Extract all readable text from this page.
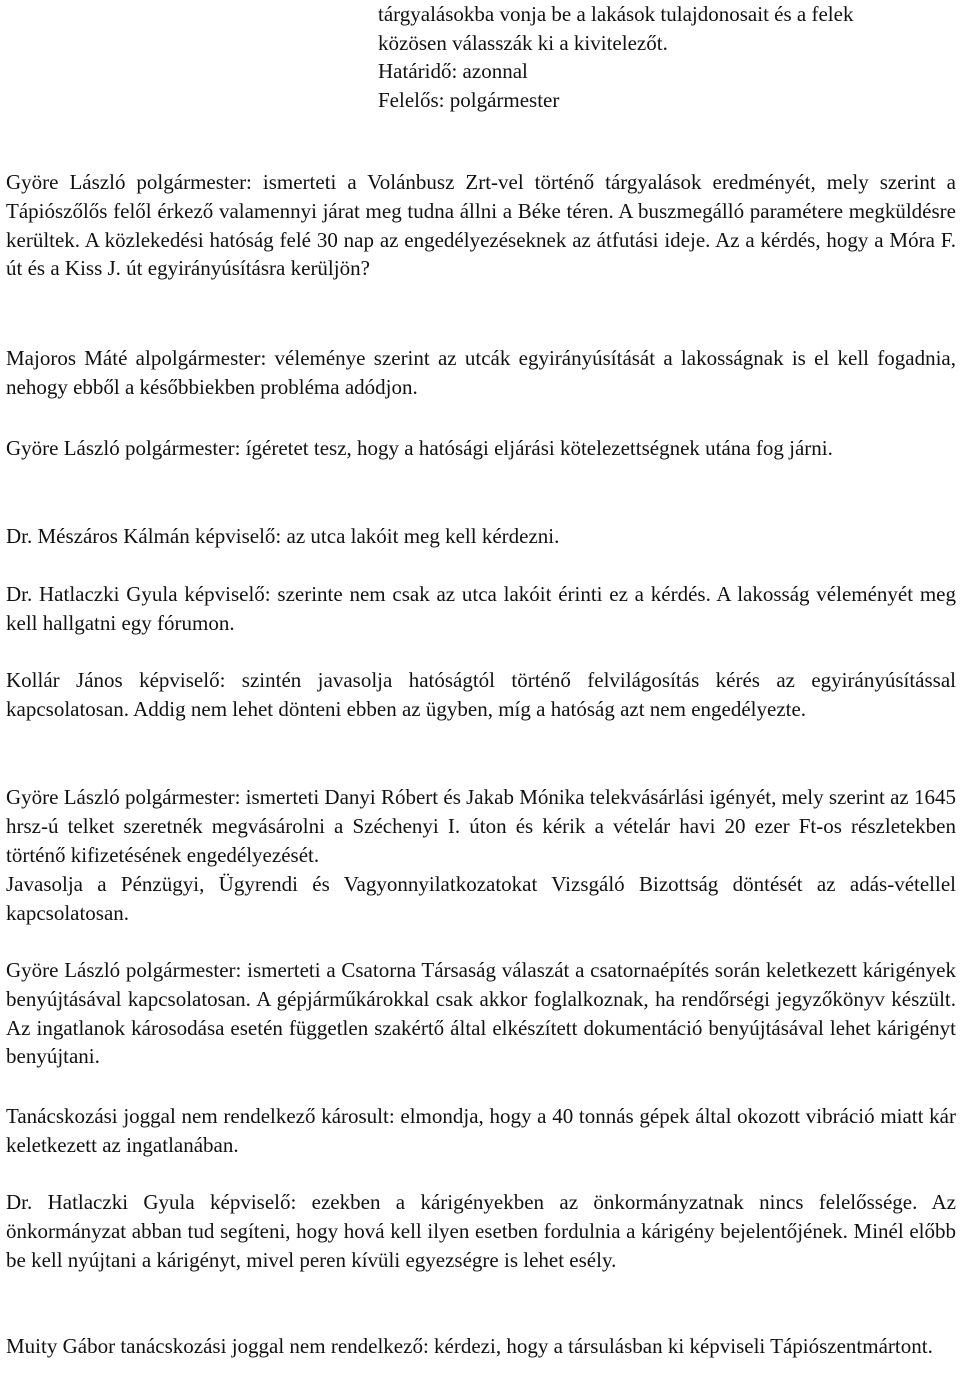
tárgyalásokba vonja be a lakások tulajdonosait és a felek

közösen válasszák ki a kivitelezőt.

Határidő: azonnal

Felelős: polgármester

Györe László polgármester: ismerteti a Volánbusz Zrt-vel történő tárgyalások eredményét, mely szerint a Tápiószőlős felől érkező valamennyi járat meg tudna állni a Béke téren. A buszmegálló paramétere megküldésre kerültek. A közlekedési hatóság felé 30 nap az engedélyezéseknek az átfutási ideje. Az a kérdés, hogy a Móra F. út és a Kiss J. út egyirányúsításra kerüljön?

Majoros Máté alpolgármester: véleménye szerint az utcák egyirányúsítását a lakosságnak is el kell fogadnia, nehogy ebből a későbbiekben probléma adódjon.

Györe László polgármester: ígéretet tesz, hogy a hatósági eljárási kötelezettségnek utána fog járni.

Dr. Mészáros Kálmán képviselő: az utca lakóit meg kell kérdezni.

Dr. Hatlaczki Gyula képviselő: szerinte nem csak az utca lakóit érinti ez a kérdés. A lakosság véleményét meg kell hallgatni egy fórumon.

Kollár János képviselő: szintén javasolja hatóságtól történő felvilágosítás kérés az egyirányúsítással kapcsolatosan. Addig nem lehet dönteni ebben az ügyben, míg a hatóság azt nem engedélyezte.

Györe László polgármester: ismerteti Danyi Róbert és Jakab Mónika telekvásárlási igényét, mely szerint az 1645 hrsz-ú telket szeretnék megvásárolni a Széchenyi I. úton és kérik a vételár havi 20 ezer Ft-os részletekben történő kifizetésének engedélyezését.

Javasolja a Pénzügyi, Ügyrendi és Vagyonnyilatkozatokat Vizsgáló Bizottság döntését az adás-vétellel kapcsolatosan.

Györe László polgármester: ismerteti a Csatorna Társaság válaszát a csatornaépítés során keletkezett kárigények benyújtásával kapcsolatosan. A gépjárműkárokkal csak akkor foglalkoznak, ha rendőrségi jegyzőkönyv készült. Az ingatlanok károsodása esetén független szakértő által elkészített dokumentáció benyújtásával lehet kárigényt benyújtani.

Tanácskozási joggal nem rendelkező károsult: elmondja, hogy a 40 tonnás gépek által okozott vibráció miatt kár keletkezett az ingatlanában.

Dr. Hatlaczki Gyula képviselő: ezekben a kárigényekben az önkormányzatnak nincs felelőssége. Az önkormányzat abban tud segíteni, hogy hová kell ilyen esetben fordulnia a kárigény bejelentőjének. Minél előbb be kell nyújtani a kárigényt, mivel peren kívüli egyezségre is lehet esély.

Muity Gábor tanácskozási joggal nem rendelkező: kérdezi, hogy a társulásban ki képviseli Tápiószentmártont.
